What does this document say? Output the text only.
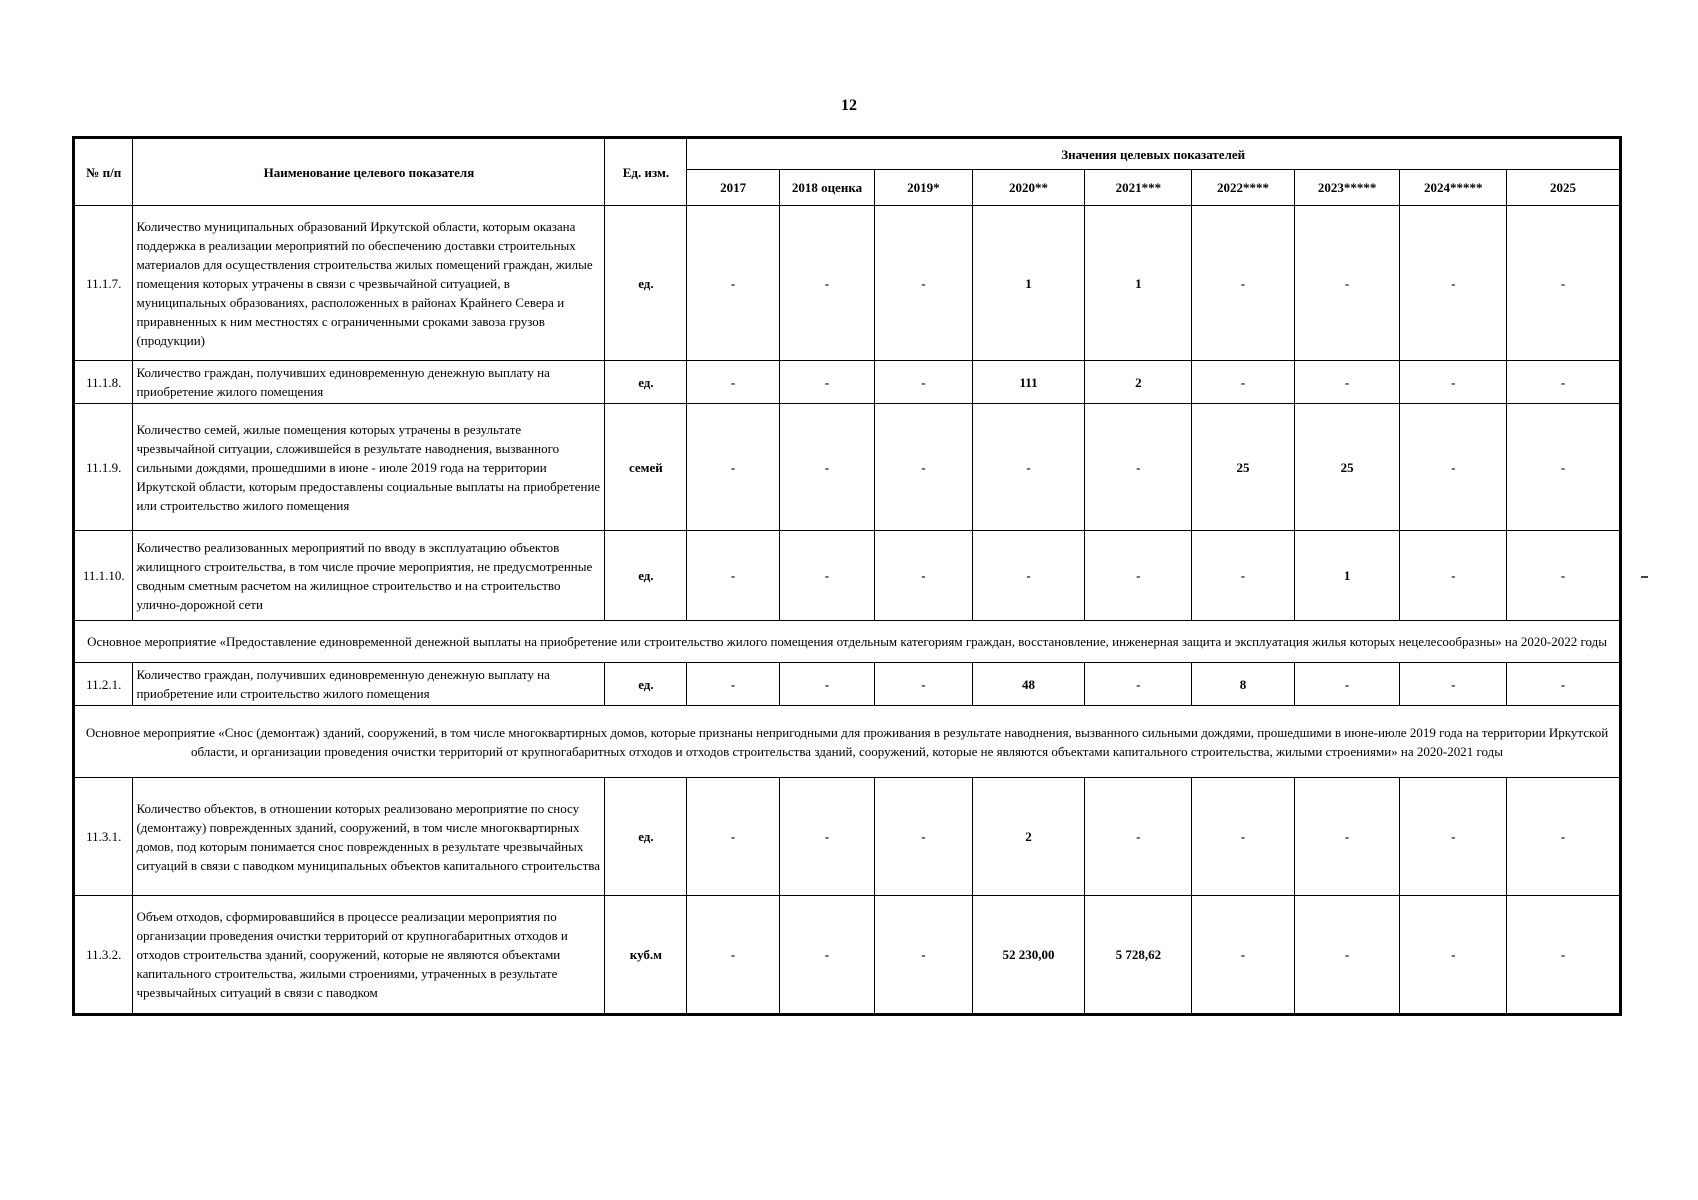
12
№ п/п	Наименование целевого показателя	Ед. изм.	Значения целевых показателей								
			2017	2018 оценка	2019*	2020**	2021***	2022****	2023*****	2024*****	2025
11.1.7.	Количество муниципальных образований Иркутской области, которым оказана поддержка в реализации мероприятий по обеспечению доставки строительных материалов для осуществления строительства жилых помещений граждан, жилые помещения которых утрачены в связи с чрезвычайной ситуацией, в муниципальных образованиях, расположенных в районах Крайнего Севера и приравненных к ним местностях с ограниченными сроками завоза грузов (продукции)	ед.	-	-	-	1	1	-	-	-	-
11.1.8.	Количество граждан, получивших единовременную денежную выплату на приобретение жилого помещения	ед.	-	-	-	111	2	-	-	-	-
11.1.9.	Количество семей, жилые помещения которых утрачены в результате чрезвычайной ситуации, сложившейся в результате наводнения, вызванного сильными дождями, прошедшими в июне - июле 2019 года на территории Иркутской области, которым предоставлены социальные выплаты на приобретение или строительство жилого помещения	семей	-	-	-	-	-	25	25	-	-
11.1.10.	Количество реализованных мероприятий по вводу в эксплуатацию объектов жилищного строительства, в том числе прочие мероприятия, не предусмотренные сводным сметным расчетом на жилищное строительство и на строительство улично-дорожной сети	ед.	-	-	-	-	-	-	1	-	-
Основное мероприятие «Предоставление единовременной денежной выплаты на приобретение или строительство жилого помещения отдельным категориям граждан, восстановление, инженерная защита и эксплуатация жилья которых нецелесообразны» на 2020-2022 годы											
11.2.1.	Количество граждан, получивших единовременную денежную выплату на приобретение или строительство жилого помещения	ед.	-	-	-	48	-	8	-	-	-
Основное мероприятие «Снос (демонтаж) зданий, сооружений, в том числе многоквартирных домов, которые признаны непригодными для проживания в результате наводнения, вызванного сильными дождями, прошедшими в июне-июле 2019 года на территории Иркутской области, и организации проведения очистки территорий от крупногабаритных отходов и отходов строительства зданий, сооружений, которые не являются объектами капитального строительства, жилыми строениями» на 2020-2021 годы											
11.3.1.	Количество объектов, в отношении которых реализовано мероприятие по сносу (демонтажу) поврежденных зданий, сооружений, в том числе многоквартирных домов, под которым понимается снос поврежденных в результате чрезвычайных ситуаций в связи с паводком муниципальных объектов капитального строительства	ед.	-	-	-	2	-	-	-	-	-
11.3.2.	Объем отходов, сформировавшийся в процессе реализации мероприятия по организации проведения очистки территорий от крупногабаритных отходов и отходов строительства зданий, сооружений, которые не являются объектами капитального строительства, жилыми строениями, утраченных в результате чрезвычайных ситуаций в связи с паводком	куб.м	-	-	-	52 230,00	5 728,62	-	-	-	-
